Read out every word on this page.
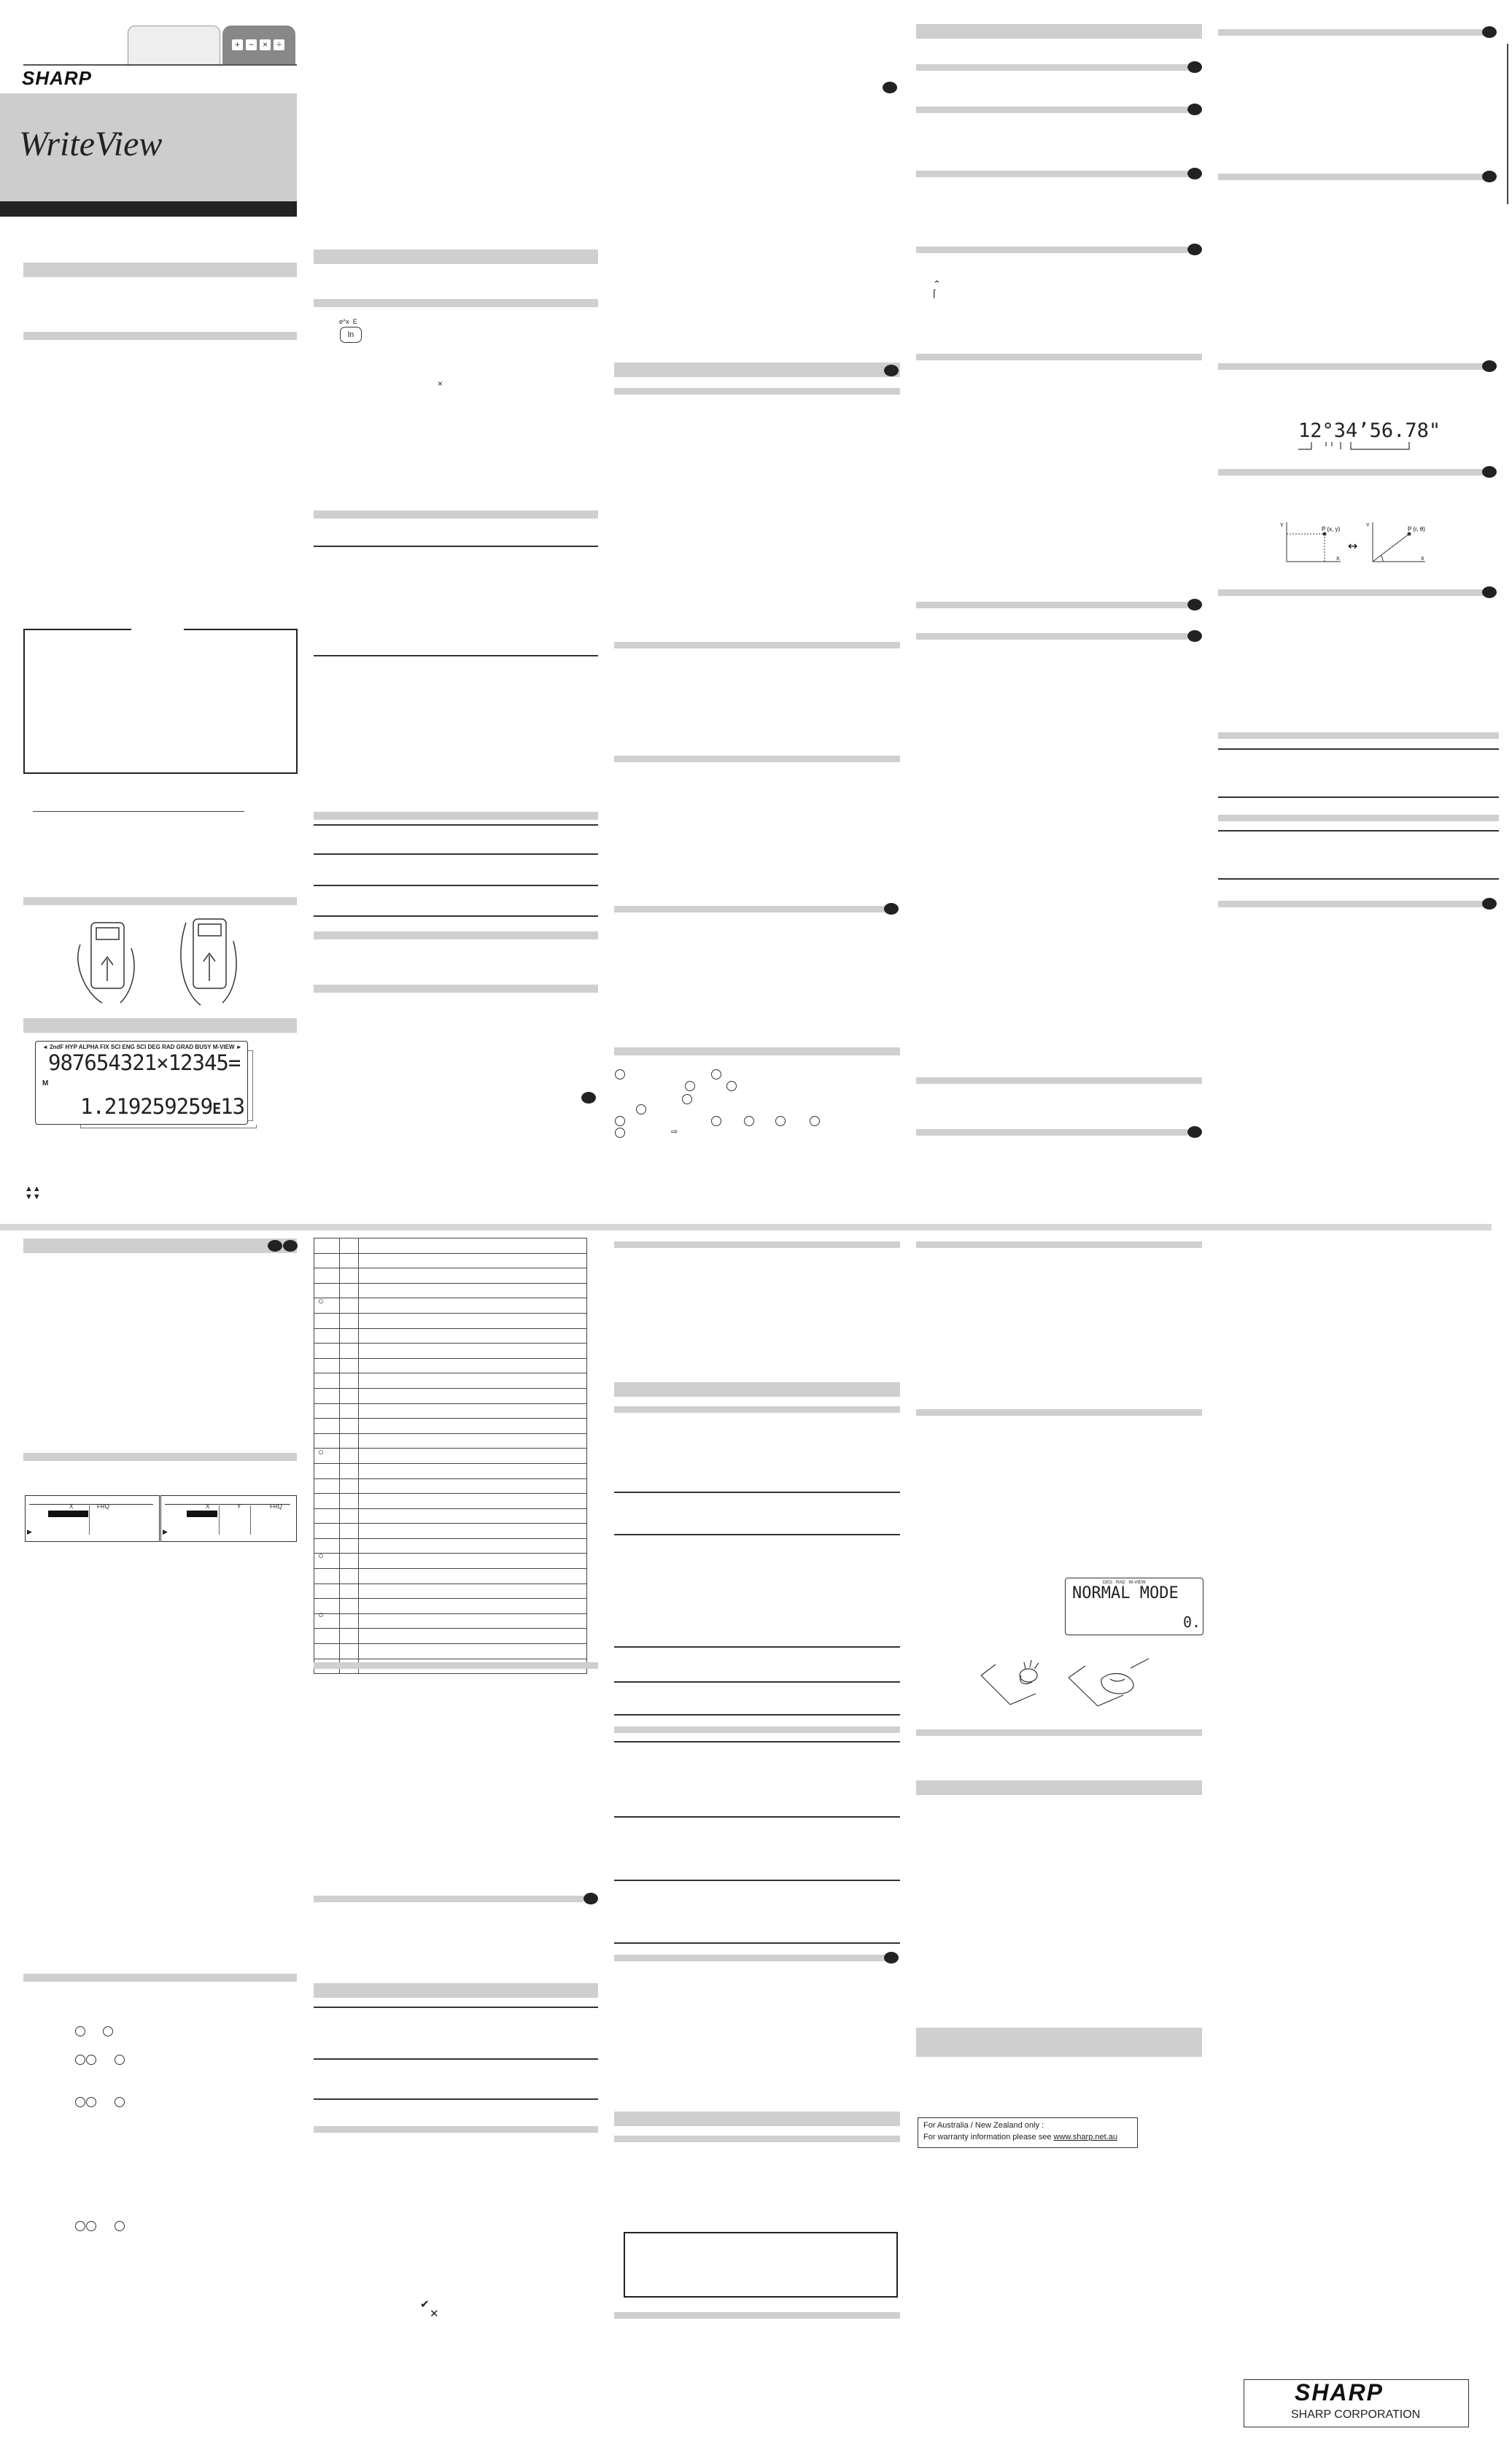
+ − ×	÷
SHARP
WriteView
◄ 2ndF HYP ALPHA FIX SCI ENG SCI DEG RAD GRAD BUSY M-VIEW ►
987654321×12345=
M
1.219259259E13
▲▲
▼▼
e^x E
ln
×
⇨
⌃
⌈
12°34’56.78"
P (x, y)	P (r, θ)
↔
X
Y
X
Y
X	FRQ
▶
X	Y	FRQ
▶

○
○
○
○
✔
✕
DEG   RAD   W-VIEW
NORMAL MODE
0.
For Australia / New Zealand only :
For warranty information please see www.sharp.net.au
SHARP
SHARP CORPORATION
